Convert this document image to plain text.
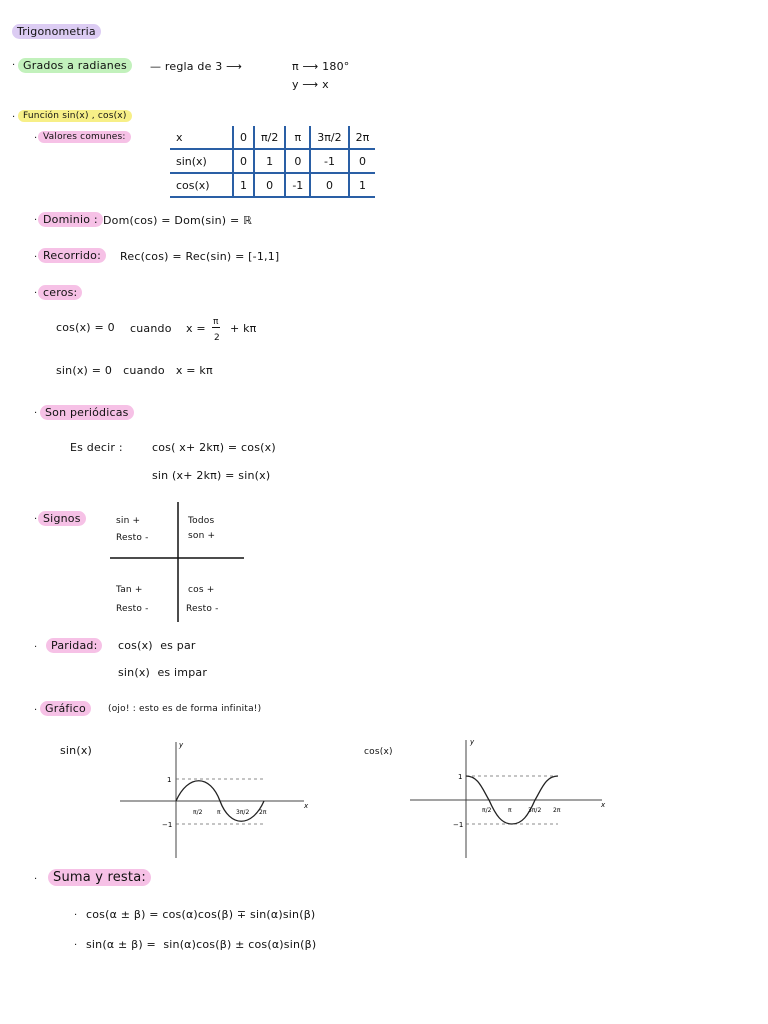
Trigonometria
· Grados a radianes	— regla de 3 ⟶	π ⟶ 180°
y ⟶ x
· Función sin(x) , cos(x)
· Valores comunes:	x	0	π/2	π	3π/2	2π
sin(x)	0	1	0	-1	0
cos(x)	1	0	-1	0	1
· Dominio : Dom(cos) = Dom(sin) = ℝ
· Recorrido:	Rec(cos) = Rec(sin) = [-1,1]
· ceros:
cos(x) = 0 cuando x = π
2
+ kπ
sin(x) = 0   cuando   x = kπ
· Son periódicas
Es decir :	cos( x+ 2kπ) = cos(x)
sin (x+ 2kπ) = sin(x)
· Signos	sin +
Resto -
Todos
son +
Tan +
Resto -
cos +
Resto -
·	Paridad:	cos(x)  es par
sin(x)  es impar
· Gráfico	(ojo! : esto es de forma infinita!)
sin(x)	cos(x)
x
y
1
−1
π/2 π	3π/2 2π
x
y
1
−1
π/2	π	3π/2 2π
·	Suma y resta:
· cos(α ± β) = cos(α)cos(β) ∓ sin(α)sin(β)
· sin(α ± β) =  sin(α)cos(β) ± cos(α)sin(β)
